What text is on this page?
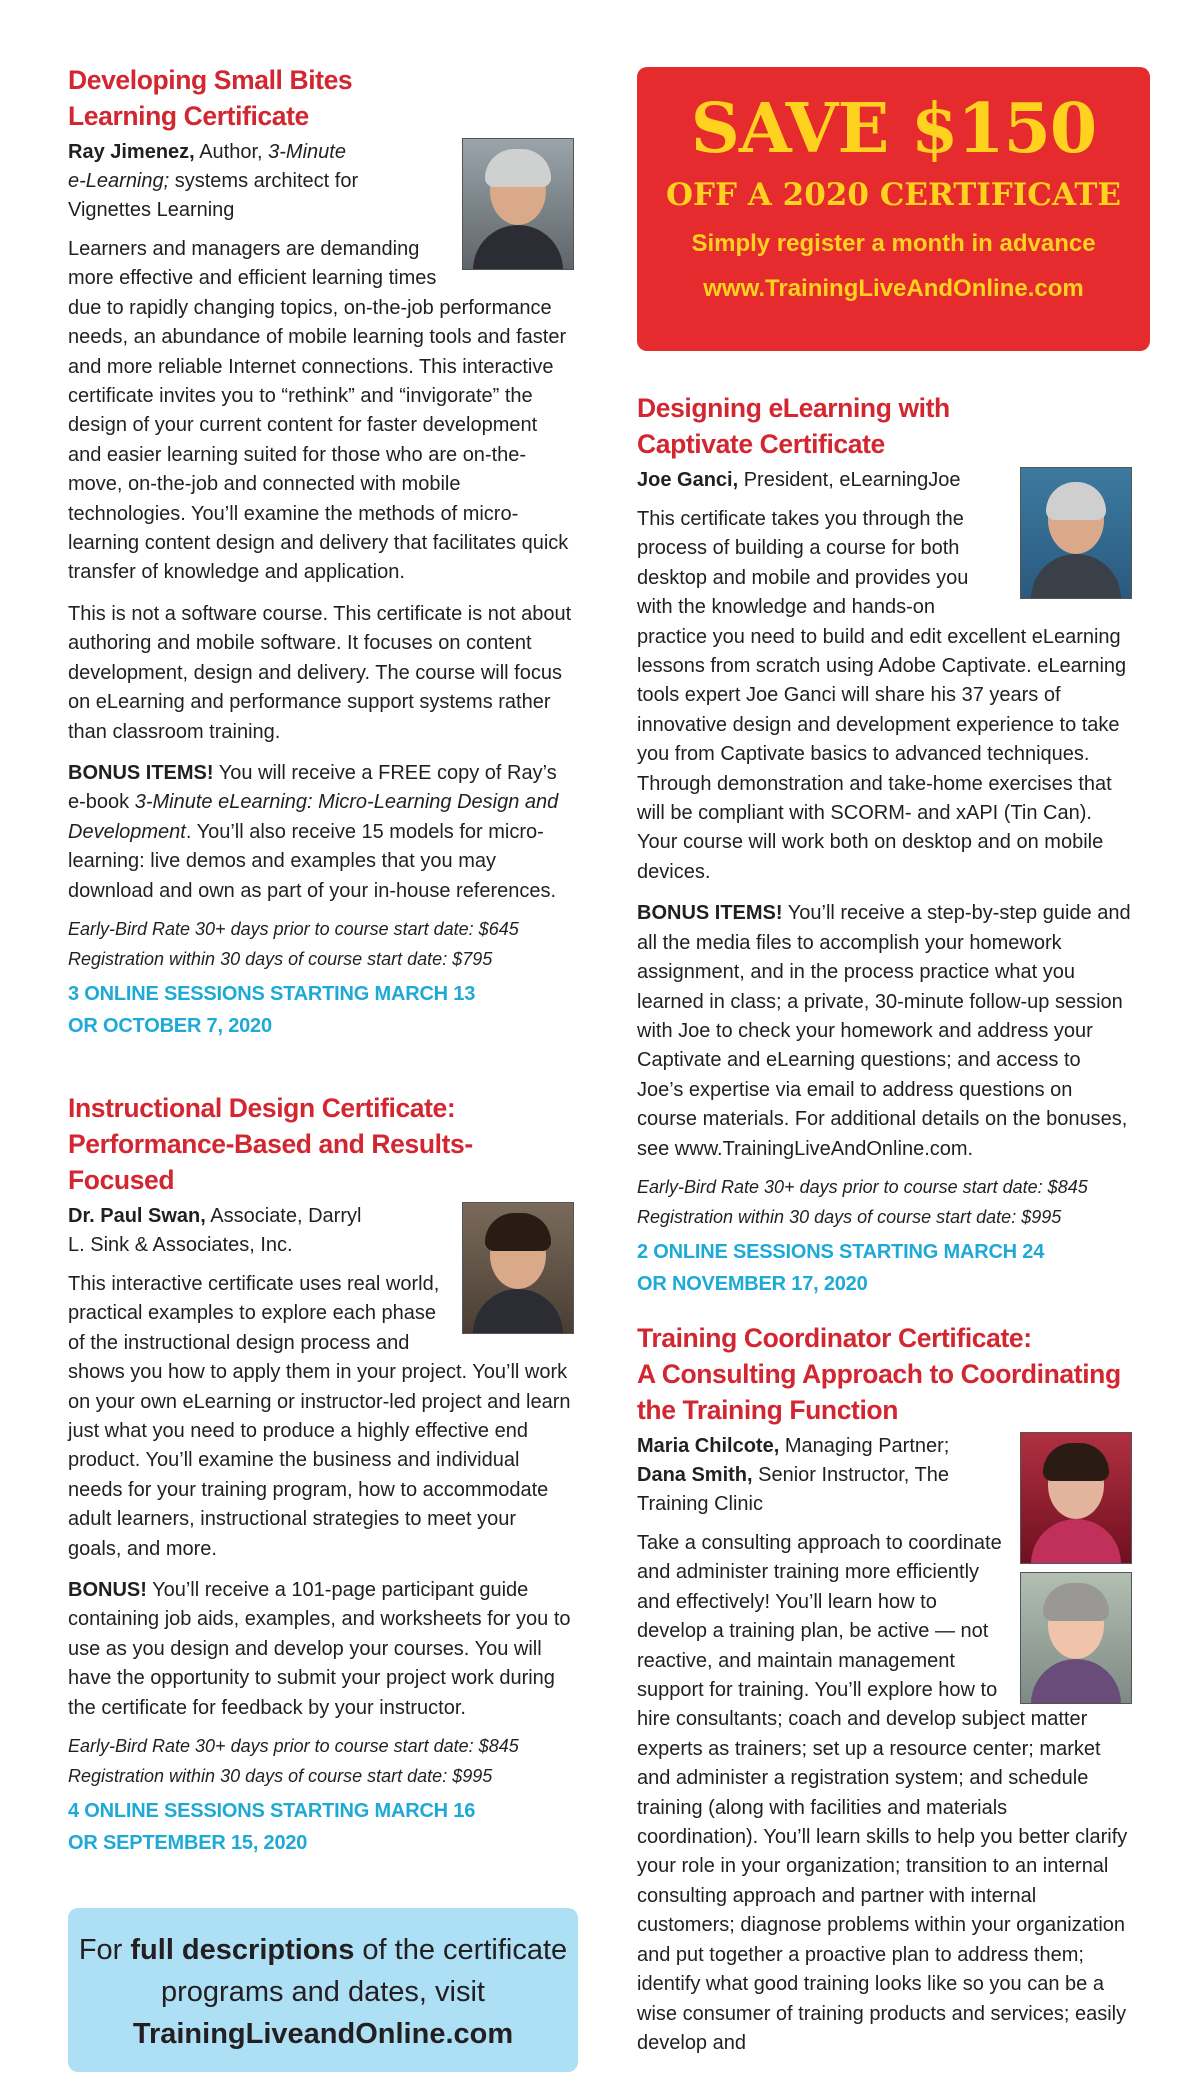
Developing Small Bites
Learning Certificate
Ray Jimenez, Author, 3-Minute e-Learning; systems architect for Vignettes Learning

Learners and managers are demanding more effective and efficient learning times due to rapidly changing topics, on-the-job performance needs, an abundance of mobile learning tools and faster and more reliable Internet connections. This interactive certificate invites you to “rethink” and “invigorate” the design of your current content for faster development and easier learning suited for those who are on-the-move, on-the-job and connected with mobile technologies. You’ll examine the methods of micro-learning content design and delivery that facilitates quick transfer of knowledge and application.

This is not a software course. This certificate is not about authoring and mobile software. It focuses on content development, design and delivery. The course will focus on eLearning and performance support systems rather than classroom training.

BONUS ITEMS! You will receive a FREE copy of Ray’s e-book 3-Minute eLearning: Micro-Learning Design and Development. You’ll also receive 15 models for micro-learning: live demos and examples that you may download and own as part of your in-house references.

Early-Bird Rate 30+ days prior to course start date: $645
Registration within 30 days of course start date: $795
3 ONLINE SESSIONS STARTING MARCH 13
OR OCTOBER 7, 2020
Instructional Design Certificate:
Performance-Based and Results-Focused
Dr. Paul Swan, Associate, Darryl L. Sink & Associates, Inc.

This interactive certificate uses real world, practical examples to explore each phase of the instructional design process and shows you how to apply them in your project. You’ll work on your own eLearning or instructor-led project and learn just what you need to produce a highly effective end product. You’ll examine the business and individual needs for your training program, how to accommodate adult learners, instructional strategies to meet your goals, and more.

BONUS! You’ll receive a 101-page participant guide containing job aids, examples, and worksheets for you to use as you design and develop your courses. You will have the opportunity to submit your project work during the certificate for feedback by your instructor.

Early-Bird Rate 30+ days prior to course start date: $845
Registration within 30 days of course start date: $995
4 ONLINE SESSIONS STARTING MARCH 16
OR SEPTEMBER 15, 2020
For full descriptions of the certificate
programs and dates, visit
TrainingLiveandOnline.com
SAVE $150
OFF A 2020 CERTIFICATE
Simply register a month in advance
www.TrainingLiveAndOnline.com
Designing eLearning with
Captivate Certificate
Joe Ganci, President, eLearningJoe

This certificate takes you through the process of building a course for both desktop and mobile and provides you with the knowledge and hands-on practice you need to build and edit excellent eLearning lessons from scratch using Adobe Captivate. eLearning tools expert Joe Ganci will share his 37 years of innovative design and development experience to take you from Captivate basics to advanced techniques. Through demonstration and take-home exercises that will be compliant with SCORM- and xAPI (Tin Can). Your course will work both on desktop and on mobile devices.

BONUS ITEMS! You’ll receive a step-by-step guide and all the media files to accomplish your homework assignment, and in the process practice what you learned in class; a private, 30-minute follow-up session with Joe to check your homework and address your Captivate and eLearning questions; and access to Joe’s expertise via email to address questions on course materials. For additional details on the bonuses, see www.TrainingLiveAndOnline.com.

Early-Bird Rate 30+ days prior to course start date: $845
Registration within 30 days of course start date: $995
2 ONLINE SESSIONS STARTING MARCH 24
OR NOVEMBER 17, 2020
Training Coordinator Certificate:
A Consulting Approach to Coordinating
the Training Function
Maria Chilcote, Managing Partner;
Dana Smith, Senior Instructor, The Training Clinic

Take a consulting approach to coordinate and administer training more efficiently and effectively! You’ll learn how to develop a training plan, be active — not reactive, and maintain management support for training. You’ll explore how to hire consultants; coach and develop subject matter experts as trainers; set up a resource center; market and administer a registration system; and schedule training (along with facilities and materials coordination). You’ll learn skills to help you better clarify your role in your organization; transition to an internal consulting approach and partner with internal customers; diagnose problems within your organization and put together a proactive plan to address them; identify what good training looks like so you can be a wise consumer of training products and services; easily develop and
